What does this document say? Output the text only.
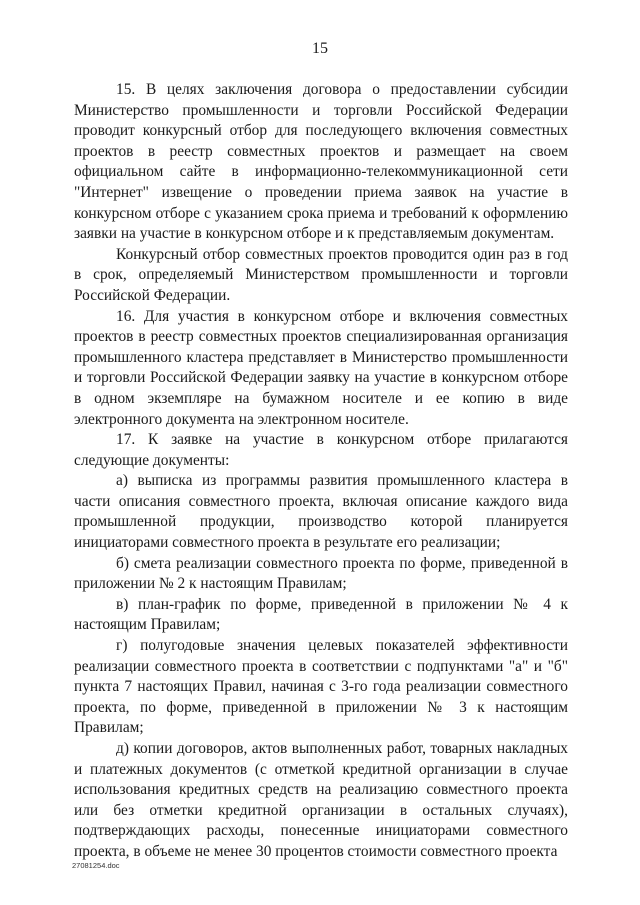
15

15. В целях заключения договора о предоставлении субсидии Министерство промышленности и торговли Российской Федерации проводит конкурсный отбор для последующего включения совместных проектов в реестр совместных проектов и размещает на своем официальном сайте в информационно-телекоммуникационной сети "Интернет" извещение о проведении приема заявок на участие в конкурсном отборе с указанием срока приема и требований к оформлению заявки на участие в конкурсном отборе и к представляемым документам.

Конкурсный отбор совместных проектов проводится один раз в год в срок, определяемый Министерством промышленности и торговли Российской Федерации.

16. Для участия в конкурсном отборе и включения совместных проектов в реестр совместных проектов специализированная организация промышленного кластера представляет в Министерство промышленности и торговли Российской Федерации заявку на участие в конкурсном отборе в одном экземпляре на бумажном носителе и ее копию в виде электронного документа на электронном носителе.

17. К заявке на участие в конкурсном отборе прилагаются следующие документы:

а) выписка из программы развития промышленного кластера в части описания совместного проекта, включая описание каждого вида промышленной продукции, производство которой планируется инициаторами совместного проекта в результате его реализации;

б) смета реализации совместного проекта по форме, приведенной в приложении № 2 к настоящим Правилам;

в) план-график по форме, приведенной в приложении № 4 к настоящим Правилам;

г) полугодовые значения целевых показателей эффективности реализации совместного проекта в соответствии с подпунктами "а" и "б" пункта 7 настоящих Правил, начиная с 3-го года реализации совместного проекта, по форме, приведенной в приложении № 3 к настоящим Правилам;

д) копии договоров, актов выполненных работ, товарных накладных и платежных документов (с отметкой кредитной организации в случае использования кредитных средств на реализацию совместного проекта или без отметки кредитной организации в остальных случаях), подтверждающих расходы, понесенные инициаторами совместного проекта, в объеме не менее 30 процентов стоимости совместного проекта

27081254.doc
